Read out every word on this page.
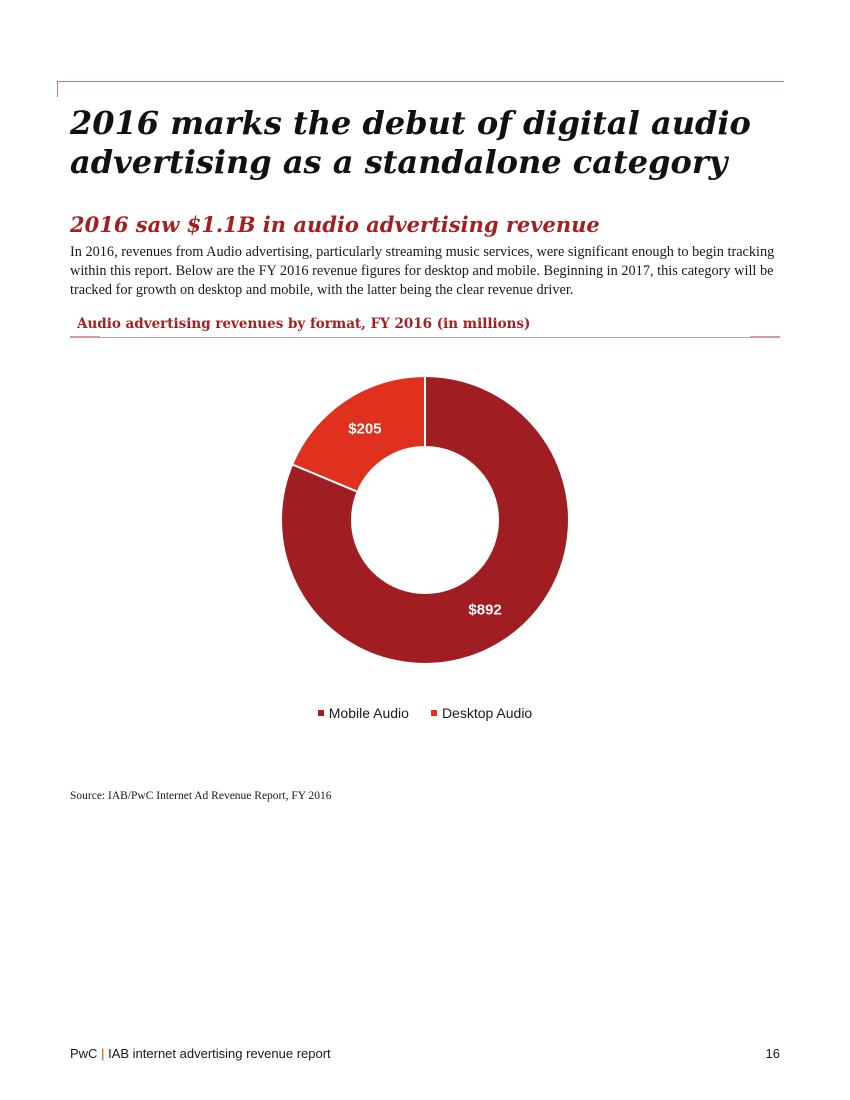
2016 marks the debut of digital audio advertising as a standalone category
2016 saw $1.1B in audio advertising revenue

In 2016, revenues from Audio advertising, particularly streaming music services, were significant enough to begin tracking within this report. Below are the FY 2016 revenue figures for desktop and mobile. Beginning in 2017, this category will be tracked for growth on desktop and mobile, with the latter being the clear revenue driver.

Audio advertising revenues by format, FY 2016 (in millions)
$892
$205
Mobile Audio Desktop Audio
Source: IAB/PwC Internet Ad Revenue Report, FY 2016
PwC | IAB internet advertising revenue report	16
